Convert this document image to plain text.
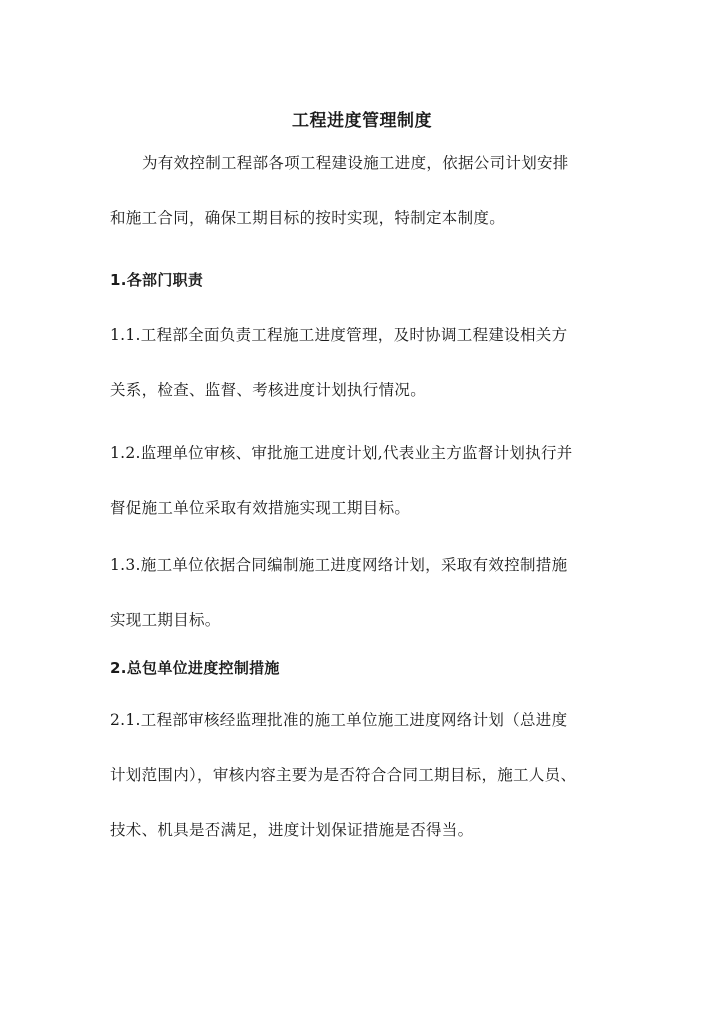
工程进度管理制度
为有效控制工程部各项工程建设施工进度，依据公司计划安排
和施工合同，确保工期目标的按时实现，特制定本制度。
1.各部门职责
1.1.工程部全面负责工程施工进度管理，及时协调工程建设相关方
关系，检查、监督、考核进度计划执行情况。
1.2.监理单位审核、审批施工进度计划,代表业主方监督计划执行并
督促施工单位采取有效措施实现工期目标。
1.3.施工单位依据合同编制施工进度网络计划，采取有效控制措施
实现工期目标。
2.总包单位进度控制措施
2.1.工程部审核经监理批准的施工单位施工进度网络计划（总进度
计划范围内），审核内容主要为是否符合合同工期目标，施工人员、
技术、机具是否满足，进度计划保证措施是否得当。
